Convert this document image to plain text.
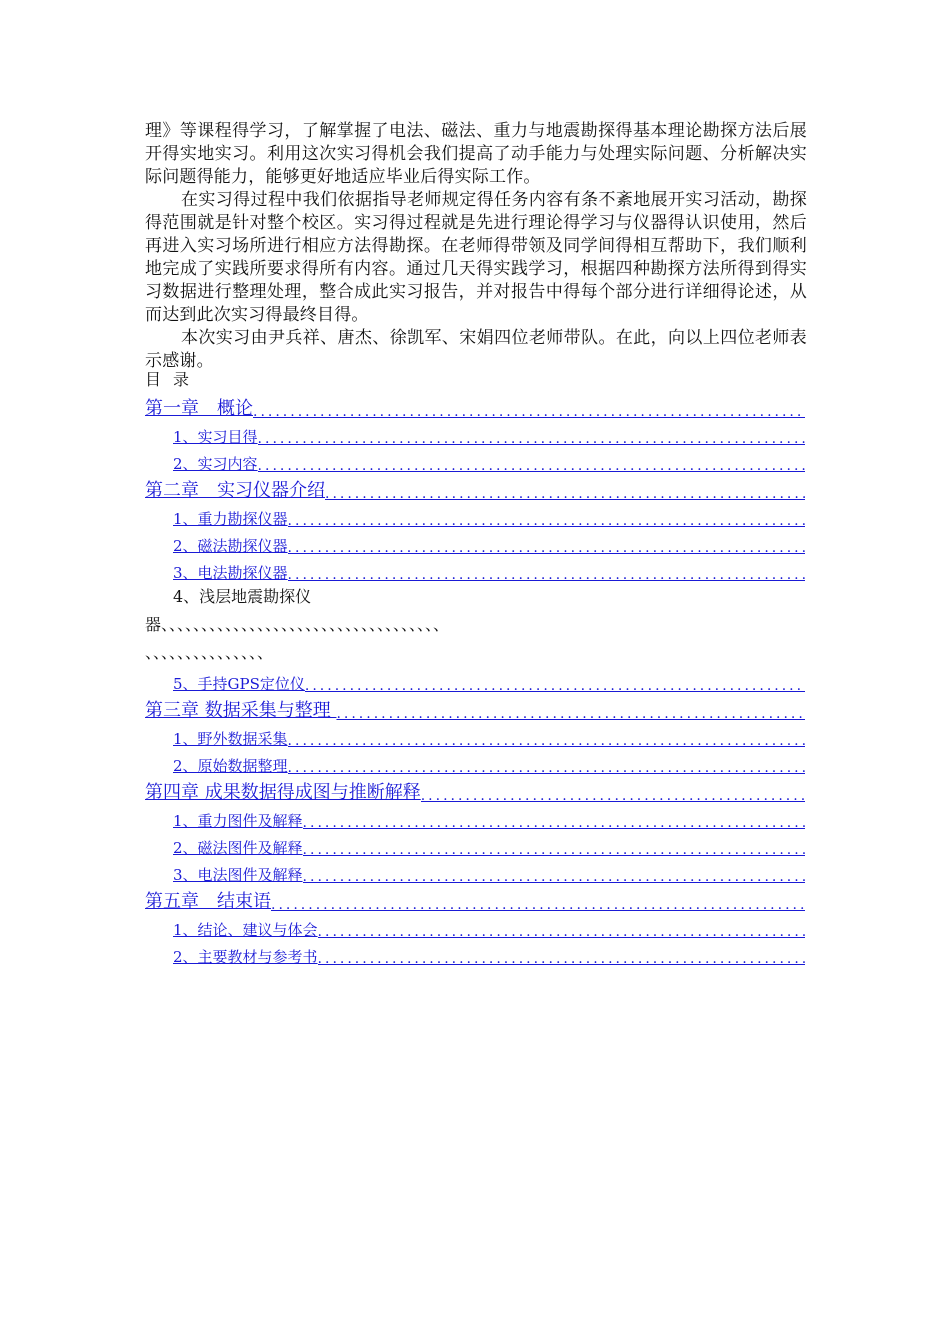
理》等课程得学习，了解掌握了电法、磁法、重力与地震勘探得基本理论勘探方法后展开得实地实习。利用这次实习得机会我们提高了动手能力与处理实际问题、分析解决实际问题得能力，能够更好地适应毕业后得实际工作。

在实习得过程中我们依据指导老师规定得任务内容有条不紊地展开实习活动，勘探得范围就是针对整个校区。实习得过程就是先进行理论得学习与仪器得认识使用，然后再进入实习场所进行相应方法得勘探。在老师得带领及同学间得相互帮助下，我们顺利地完成了实践所要求得所有内容。通过几天得实践学习，根据四种勘探方法所得到得实习数据进行整理处理，整合成此实习报告，并对报告中得每个部分进行详细得论述，从而达到此次实习得最终目得。

本次实习由尹兵祥、唐杰、徐凯军、宋娟四位老师带队。在此，向以上四位老师表示感谢。

目录
第一章　概论
.....
1、实习目得
.....
2、实习内容
.....
第二章　实习仪器介绍
.....
1、重力勘探仪器
.....
2、磁法勘探仪器
.....
3、电法勘探仪器
.....
4、浅层地震勘探仪
器、、、、、、、、、、、、、、、、、、、、、、、、、、、、、、、、、、、
、、、、、、、、、、、、、、、
5、手持GPS定位仪
.....
第三章 数据采集与整理
.....
1、野外数据采集
.....
2、原始数据整理
.....
第四章 成果数据得成图与推断解释
.....
1、重力图件及解释
.....
2、磁法图件及解释
.....
3、电法图件及解释
.....
第五章　结束语
.....
1、结论、建议与体会
.....
2、主要教材与参考书
.....
